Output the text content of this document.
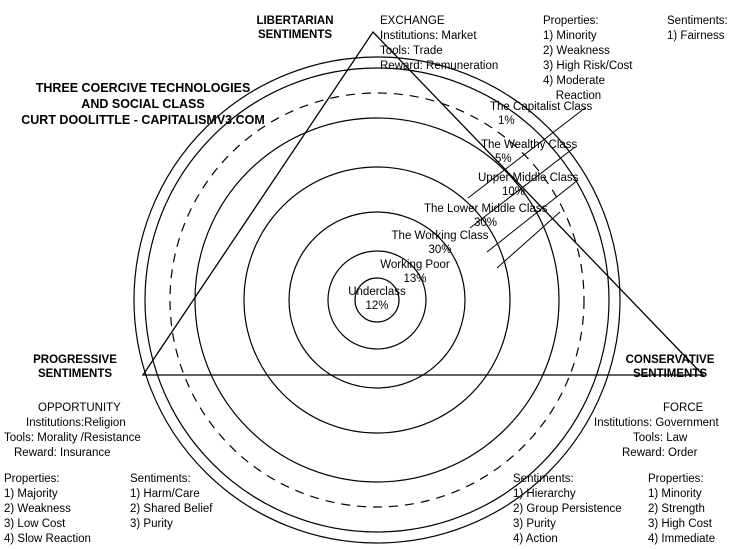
THREE COERCIVE TECHNOLOGIES
AND SOCIAL CLASS
CURT DOOLITTLE - CAPITALISMV3.COM
LIBERTARIAN
SENTIMENTS
PROGRESSIVE
SENTIMENTS
CONSERVATIVE
SENTIMENTS
EXCHANGE
Institutions: Market
Tools: Trade
Reward: Remuneration
Properties:
1) Minority
2) Weakness
3) High Risk/Cost
4) Moderate
Reaction
Sentiments:
1) Fairness
The Capitalist Class
1%
The Wealthy Class
5%
Upper Middle Class
10%
The Lower Middle Class
30%
The Working Class
30%
Working Poor
13%
Underclass
12%
OPPORTUNITY
Institutions:Religion
Tools: Morality /Resistance
Reward: Insurance
Properties:
1) Majority
2) Weakness
3) Low Cost
4) Slow Reaction
Sentiments:
1) Harm/Care
2) Shared Belief
3) Purity
FORCE
Institutions: Government
Tools: Law
Reward: Order
Sentiments:
1) Hierarchy
2) Group Persistence
3) Purity
4) Action
Properties:
1) Minority
2) Strength
3) High Cost
4) Immediate
